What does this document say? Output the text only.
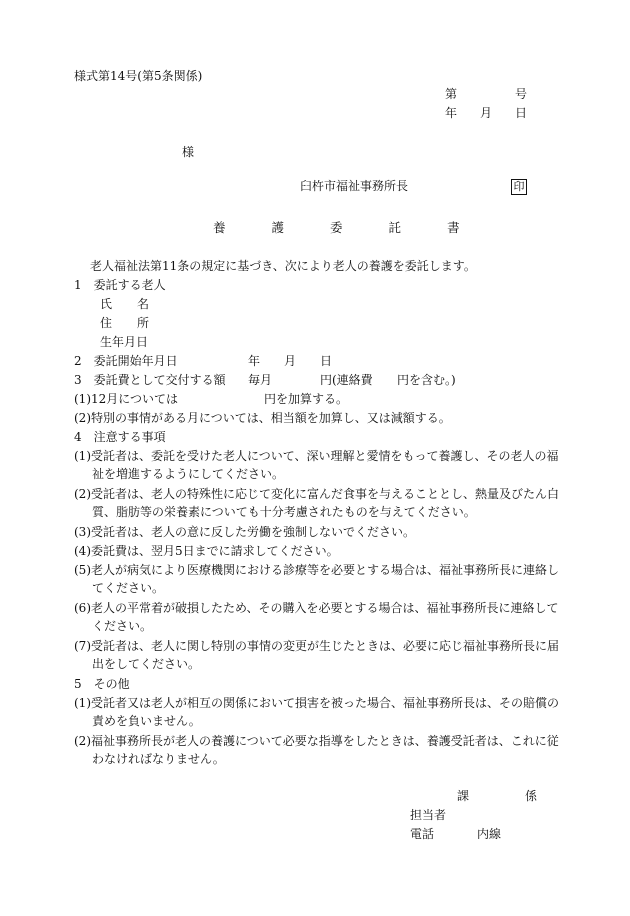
様式第14号(第5条関係)
第	号
年 月 日
様
臼杵市福祉事務所長	印
養	護	委	託	書
老人福祉法第11条の規定に基づき、次により老人の養護を委託します。
1　委託する老人
氏 名
住 所
生年月日
2　委託開始年月日	年 月 日
3　委託費として交付する額 毎月	円(連絡費 円を含む。)
(1)12月については	円を加算する。
(2)特別の事情がある月については、相当額を加算し、又は減額する。
4　注意する事項
(1)受託者は、委託を受けた老人について、深い理解と愛情をもって養護し、その老人の福
祉を増進するようにしてください。
(2)受託者は、老人の特殊性に応じて変化に富んだ食事を与えることとし、熱量及びたん白
質、脂肪等の栄養素についても十分考慮されたものを与えてください。
(3)受託者は、老人の意に反した労働を強制しないでください。
(4)委託費は、翌月5日までに請求してください。
(5)老人が病気により医療機関における診療等を必要とする場合は、福祉事務所長に連絡し
てください。
(6)老人の平常着が破損したため、その購入を必要とする場合は、福祉事務所長に連絡して
ください。
(7)受託者は、老人に関し特別の事情の変更が生じたときは、必要に応じ福祉事務所長に届
出をしてください。
5　その他
(1)受託者又は老人が相互の関係において損害を被った場合、福祉事務所長は、その賠償の
責めを負いません。
(2)福祉事務所長が老人の養護について必要な指導をしたときは、養護受託者は、これに従
わなければなりません。
課	係
担当者
電話	内線
